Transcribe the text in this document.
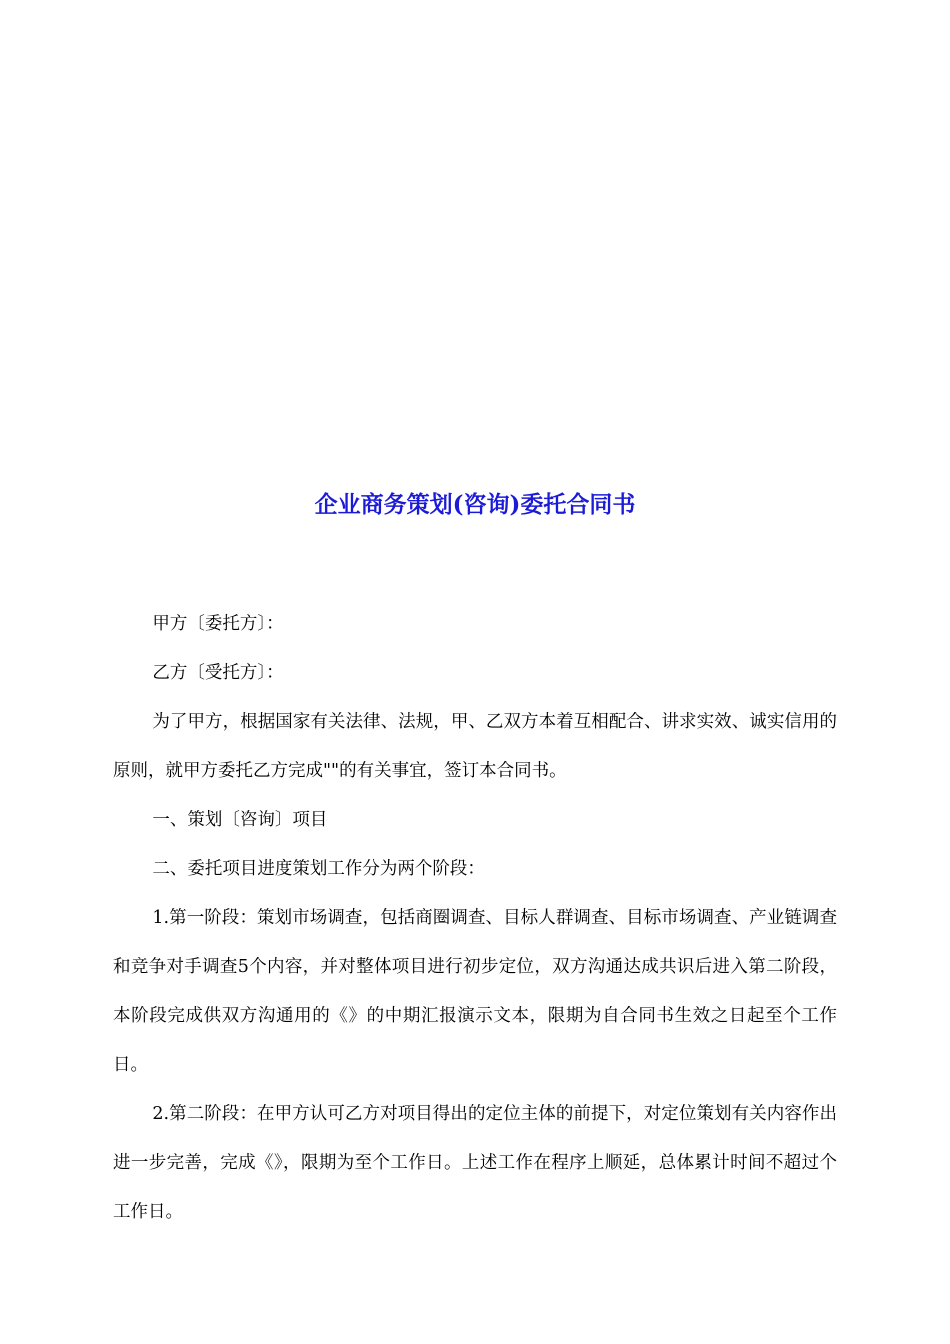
企业商务策划(咨询)委托合同书

甲方〔委托方〕：

乙方〔受托方〕：

为了甲方，根据国家有关法律、法规，甲、乙双方本着互相配合、讲求实效、诚实信用的原则，就甲方委托乙方完成""的有关事宜，签订本合同书。

一、策划〔咨询〕项目

二、委托项目进度策划工作分为两个阶段：

1.第一阶段：策划市场调查，包括商圈调查、目标人群调查、目标市场调查、产业链调查和竞争对手调查5个内容，并对整体项目进行初步定位，双方沟通达成共识后进入第二阶段，本阶段完成供双方沟通用的《》的中期汇报演示文本，限期为自合同书生效之日起至个工作日。

2.第二阶段：在甲方认可乙方对项目得出的定位主体的前提下，对定位策划有关内容作出进一步完善，完成《》，限期为至个工作日。上述工作在程序上顺延，总体累计时间不超过个工作日。
